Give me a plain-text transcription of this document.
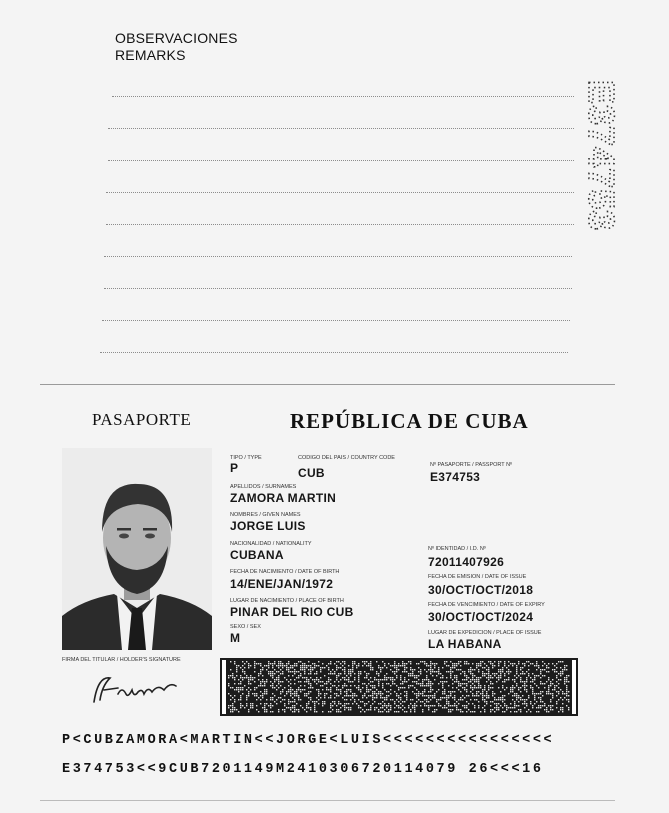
OBSERVACIONES
REMARKS
E374753
PASAPORTE	REPÚBLICA DE CUBA
TIPO / TYPE
P
CODIGO DEL PAIS / COUNTRY CODE
CUB
Nº PASAPORTE / PASSPORT Nº
E374753
APELLIDOS / SURNAMES
ZAMORA MARTIN
NOMBRES / GIVEN NAMES
JORGE LUIS
NACIONALIDAD / NATIONALITY
CUBANA	Nº IDENTIDAD / I.D. Nº
72011407926
FECHA DE NACIMIENTO / DATE OF BIRTH
14/ENE/JAN/1972	FECHA DE EMISION / DATE OF ISSUE
30/OCT/OCT/2018
LUGAR DE NACIMIENTO / PLACE OF BIRTH
PINAR DEL RIO CUB	FECHA DE VENCIMIENTO / DATE OF EXPIRY
30/OCT/OCT/2024
SEXO / SEX
M	LUGAR DE EXPEDICION / PLACE OF ISSUE
LA HABANA
FIRMA DEL TITULAR / HOLDER'S SIGNATURE
P<CUBZAMORA<MARTIN<<JORGE<LUIS<<<<<<<<<<<<<<<<
E374753<<9CUB7201149M2410306720114079 26<<<16
